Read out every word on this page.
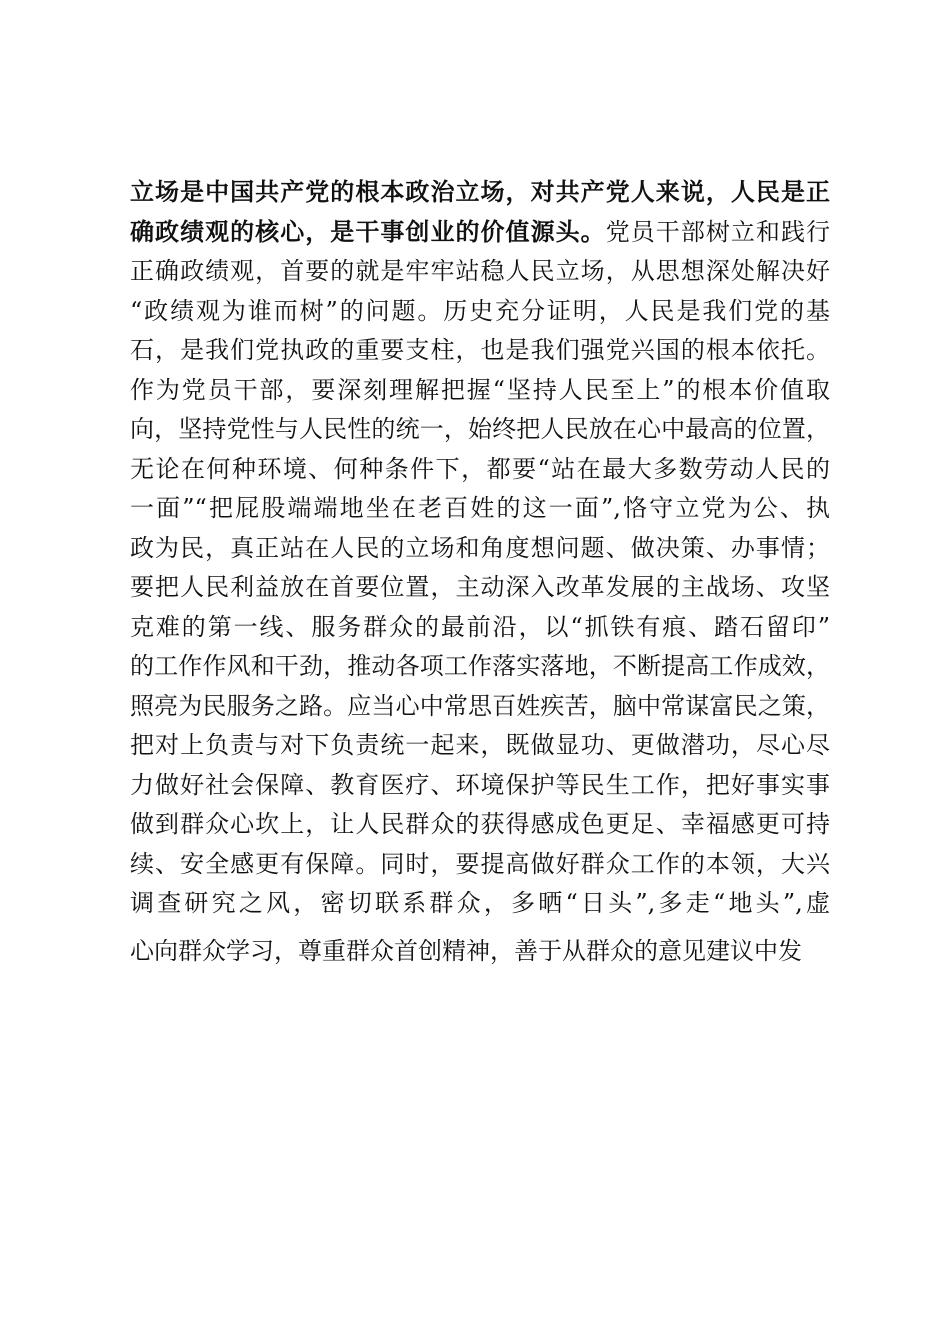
立场是中国共产党的根本政治立场，对共产党人来说，人民是正
确政绩观的核心，是干事创业的价值源头。党员干部树立和践行
正确政绩观，首要的就是牢牢站稳人民立场，从思想深处解决好
“政绩观为谁而树”的问题。历史充分证明，人民是我们党的基
石，是我们党执政的重要支柱，也是我们强党兴国的根本依托。
作为党员干部，要深刻理解把握“坚持人民至上”的根本价值取
向，坚持党性与人民性的统一，始终把人民放在心中最高的位置，
无论在何种环境、何种条件下，都要“站在最大多数劳动人民的
一面”“把屁股端端地坐在老百姓的这一面”,恪守立党为公、执
政为民，真正站在人民的立场和角度想问题、做决策、办事情；
要把人民利益放在首要位置，主动深入改革发展的主战场、攻坚
克难的第一线、服务群众的最前沿，以“抓铁有痕、踏石留印”
的工作作风和干劲，推动各项工作落实落地，不断提高工作成效，
照亮为民服务之路。应当心中常思百姓疾苦，脑中常谋富民之策，
把对上负责与对下负责统一起来，既做显功、更做潜功，尽心尽
力做好社会保障、教育医疗、环境保护等民生工作，把好事实事
做到群众心坎上，让人民群众的获得感成色更足、幸福感更可持
续、安全感更有保障。同时，要提高做好群众工作的本领，大兴
调查研究之风，密切联系群众，多晒“日头”,多走“地头”,虚
心向群众学习，尊重群众首创精神，善于从群众的意见建议中发
